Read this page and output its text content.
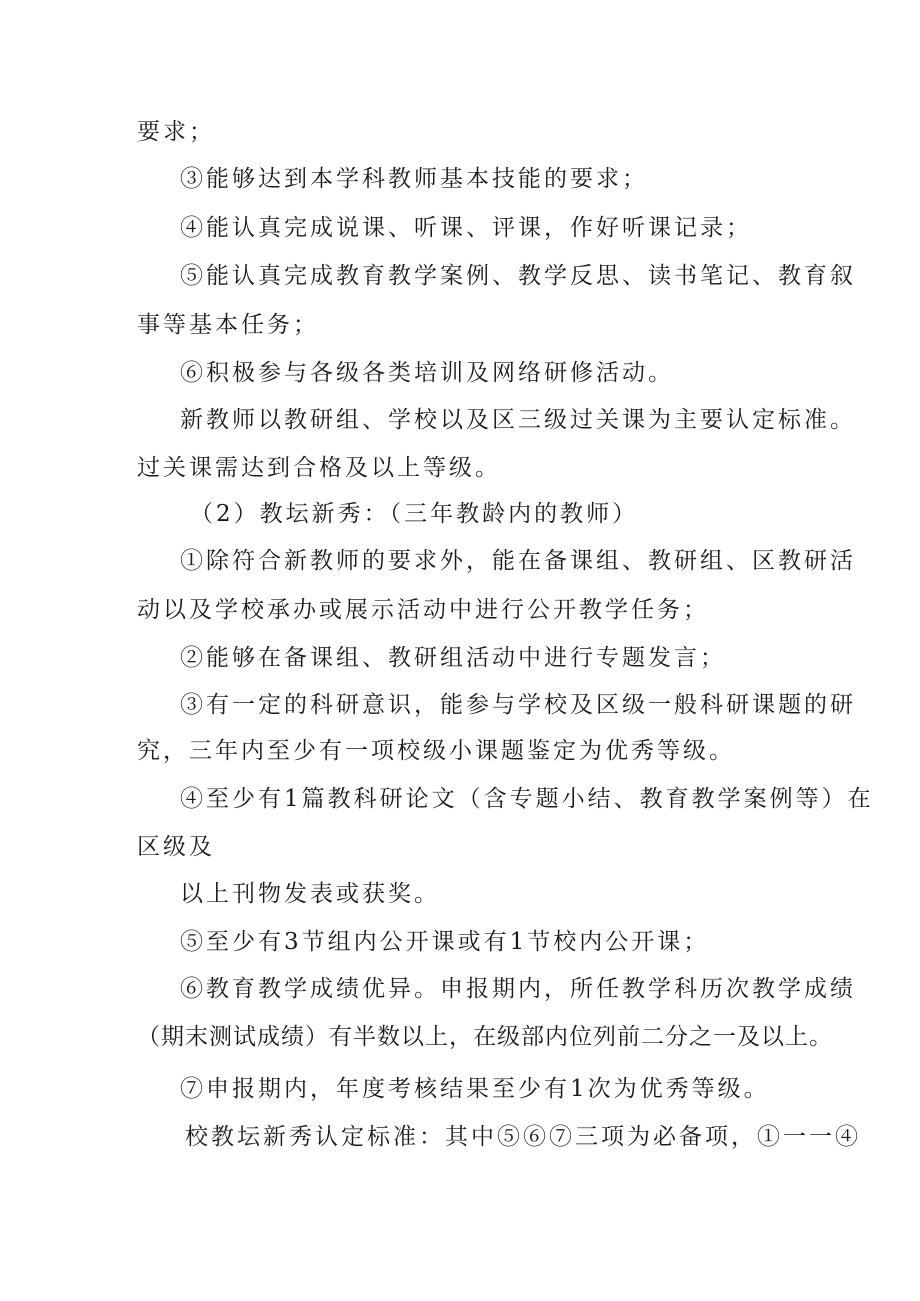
要求；
③能够达到本学科教师基本技能的要求；
④能认真完成说课、听课、评课，作好听课记录；
⑤能认真完成教育教学案例、教学反思、读书笔记、教育叙
事等基本任务；
⑥积极参与各级各类培训及网络研修活动。
新教师以教研组、学校以及区三级过关课为主要认定标准。
过关课需达到合格及以上等级。
（2）教坛新秀：（三年教龄内的教师）
①除符合新教师的要求外，能在备课组、教研组、区教研活
动以及学校承办或展示活动中进行公开教学任务；
②能够在备课组、教研组活动中进行专题发言；
③有一定的科研意识，能参与学校及区级一般科研课题的研
究，三年内至少有一项校级小课题鉴定为优秀等级。
④至少有1篇教科研论文（含专题小结、教育教学案例等）在
区级及
以上刊物发表或获奖。
⑤至少有3节组内公开课或有1节校内公开课；
⑥教育教学成绩优异。申报期内，所任教学科历次教学成绩
（期末测试成绩）有半数以上，在级部内位列前二分之一及以上。
⑦申报期内，年度考核结果至少有1次为优秀等级。
校教坛新秀认定标准：其中⑤⑥⑦三项为必备项，①一一④
